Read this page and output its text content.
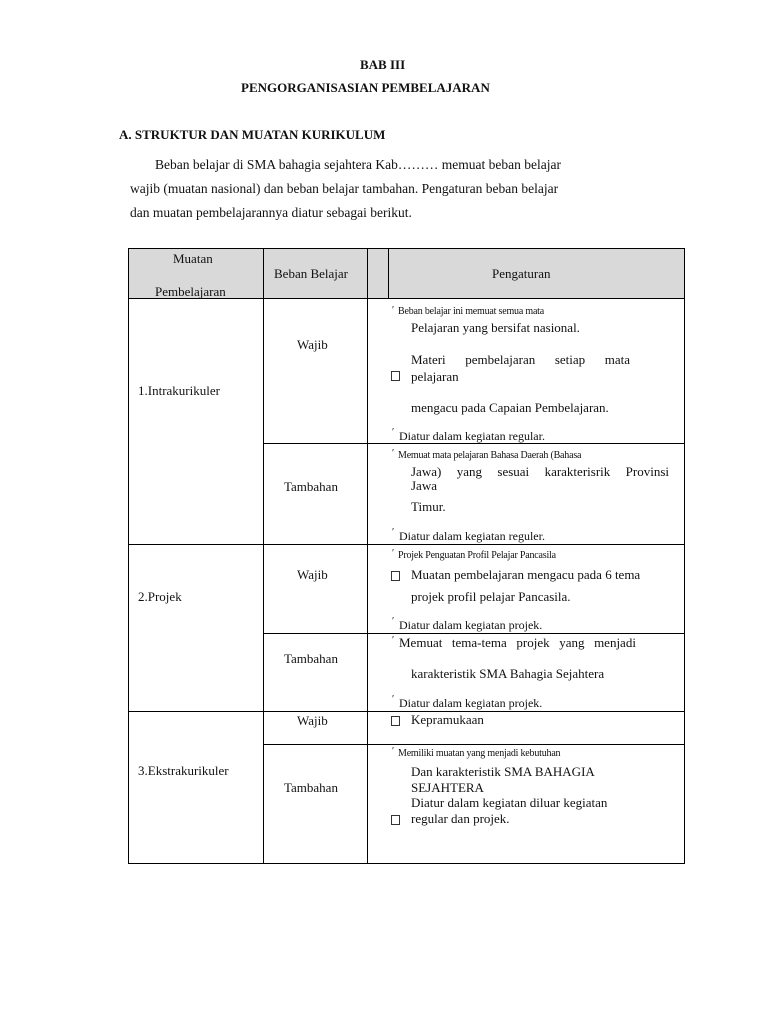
BAB III
PENGORGANISASIAN PEMBELAJARAN
A. STRUKTUR DAN MUATAN KURIKULUM
Beban belajar di SMA bahagia sejahtera Kab……… memuat beban belajar
wajib (muatan nasional) dan beban belajar tambahan. Pengaturan beban belajar
dan muatan pembelajarannya diatur sebagai berikut.
Muatan
Pembelajaran
Beban Belajar	Pengaturan
1.Intrakurikuler
Wajib
′ Beban belajar ini memuat semua mata
Pelajaran yang bersifat nasional.
Materi pembelajaran setiap mata
pelajaran
mengacu pada Capaian Pembelajaran.
′ Diatur dalam kegiatan regular.
Tambahan
′ Memuat mata pelajaran Bahasa Daerah (Bahasa
Jawa) yang sesuai karakterisrik Provinsi
Jawa
Timur.
′ Diatur dalam kegiatan reguler.
2.Projek
Wajib
′ Projek Penguatan Profil Pelajar Pancasila
Muatan pembelajaran mengacu pada 6 tema
projek profil pelajar Pancasila.
′ Diatur dalam kegiatan projek.
Tambahan
′ Memuat tema-tema projek yang menjadi
karakteristik SMA Bahagia Sejahtera
′ Diatur dalam kegiatan projek.
3.Ekstrakurikuler
Wajib	Kepramukaan
Tambahan
′ Memiliki muatan yang menjadi kebutuhan
Dan karakteristik SMA BAHAGIA
SEJAHTERA
Diatur dalam kegiatan diluar kegiatan
regular dan projek.
